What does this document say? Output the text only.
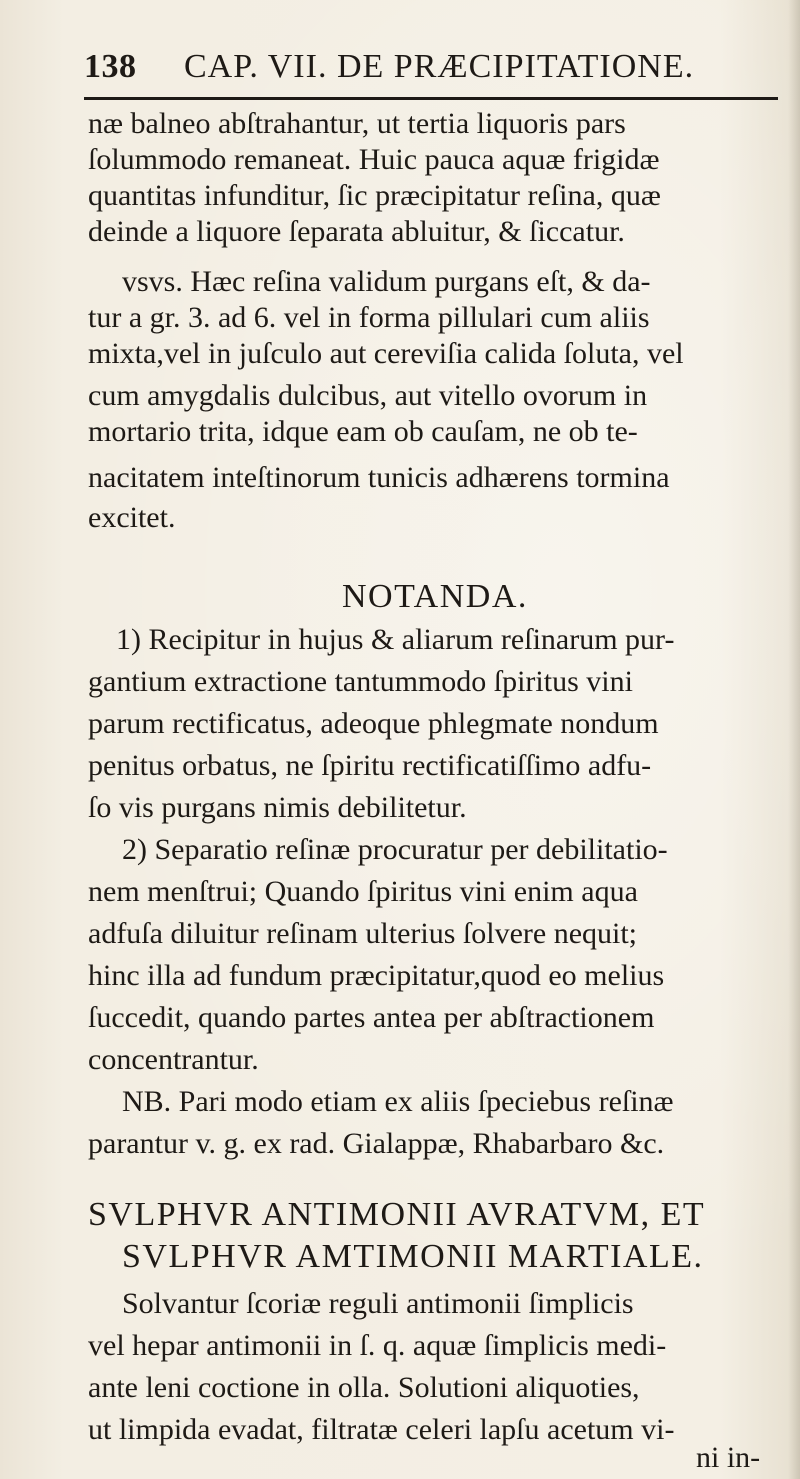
138 CAP. VII. DE PRÆCIPITATIONE.
næ balneo abſtrahantur, ut tertia liquoris pars
ſolummodo remaneat. Huic pauca aquæ frigidæ
quantitas infunditur, ſic præcipitatur reſina, quæ
deinde a liquore ſeparata abluitur, & ſiccatur.
vsvs. Hæc reſina validum purgans eſt, & da-
tur a gr. 3. ad 6. vel in forma pillulari cum aliis
mixta,vel in juſculo aut cereviſia calida ſoluta, vel
cum amygdalis dulcibus, aut vitello ovorum in
mortario trita, idque eam ob cauſam, ne ob te-
nacitatem inteſtinorum tunicis adhærens tormina
excitet.
NOTANDA.
1) Recipitur in hujus & aliarum reſinarum pur-
gantium extractione tantummodo ſpiritus vini
parum rectificatus, adeoque phlegmate nondum
penitus orbatus, ne ſpiritu rectificatiſſimo adfu-
ſo vis purgans nimis debilitetur.
2) Separatio reſinæ procuratur per debilitatio-
nem menſtrui; Quando ſpiritus vini enim aqua
adfuſa diluitur reſinam ulterius ſolvere nequit;
hinc illa ad fundum præcipitatur,quod eo melius
ſuccedit, quando partes antea per abſtractionem
concentrantur.
NB. Pari modo etiam ex aliis ſpeciebus reſinæ
parantur v. g. ex rad. Gialappæ, Rhabarbaro &c.
SVLPHVR ANTIMONII AVRATVM, ET
SVLPHVR AMTIMONII MARTIALE.
Solvantur ſcoriæ reguli antimonii ſimplicis
vel hepar antimonii in ſ. q. aquæ ſimplicis medi-
ante leni coctione in olla. Solutioni aliquoties,
ut limpida evadat, filtratæ celeri lapſu acetum vi-
ni in-
